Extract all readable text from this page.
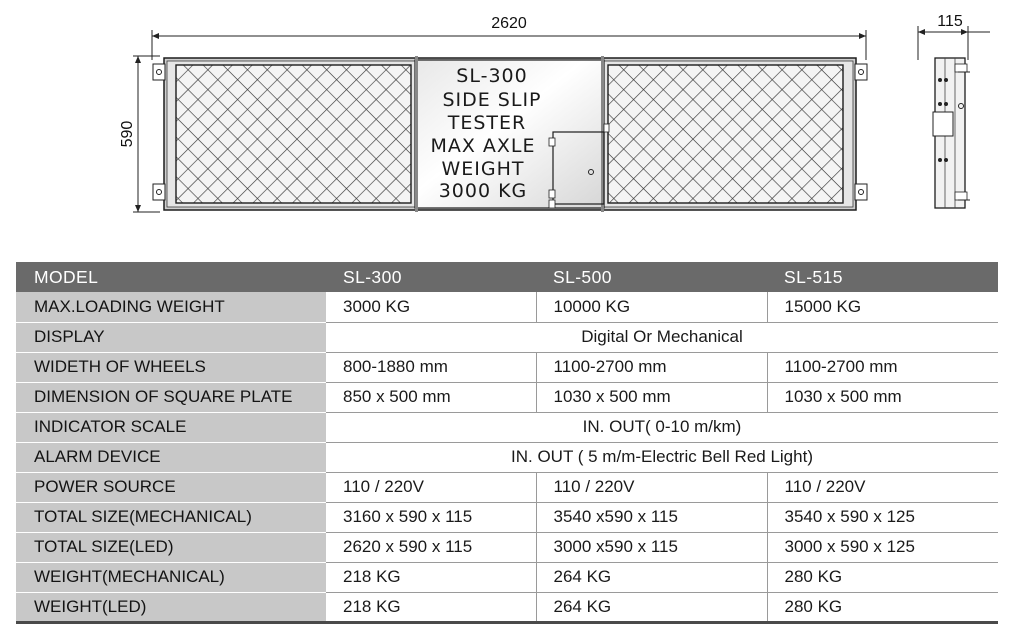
2620
590
SL-300
SIDE SLIP
TESTER
MAX AXLE
WEIGHT
3000 KG
115
MODEL	SL-300	SL-500	SL-515
MAX.LOADING WEIGHT	3000 KG	10000 KG	15000 KG
DISPLAY	Digital Or Mechanical		
WIDETH OF WHEELS	800-1880 mm	1100-2700 mm	1100-2700 mm
DIMENSION OF SQUARE PLATE	850 x 500 mm	1030 x 500 mm	1030 x 500 mm
INDICATOR SCALE	IN. OUT( 0-10 m/km)		
ALARM DEVICE	IN. OUT ( 5 m/m-Electric Bell Red Light)		
POWER SOURCE	110 / 220V	110 / 220V	110 / 220V
TOTAL SIZE(MECHANICAL)	3160 x 590 x 115	3540 x590 x 115	3540 x 590 x 125
TOTAL SIZE(LED)	2620 x 590 x 115	3000 x590 x 115	3000 x 590 x 125
WEIGHT(MECHANICAL)	218 KG	264 KG	280 KG
WEIGHT(LED)	218 KG	264 KG	280 KG
